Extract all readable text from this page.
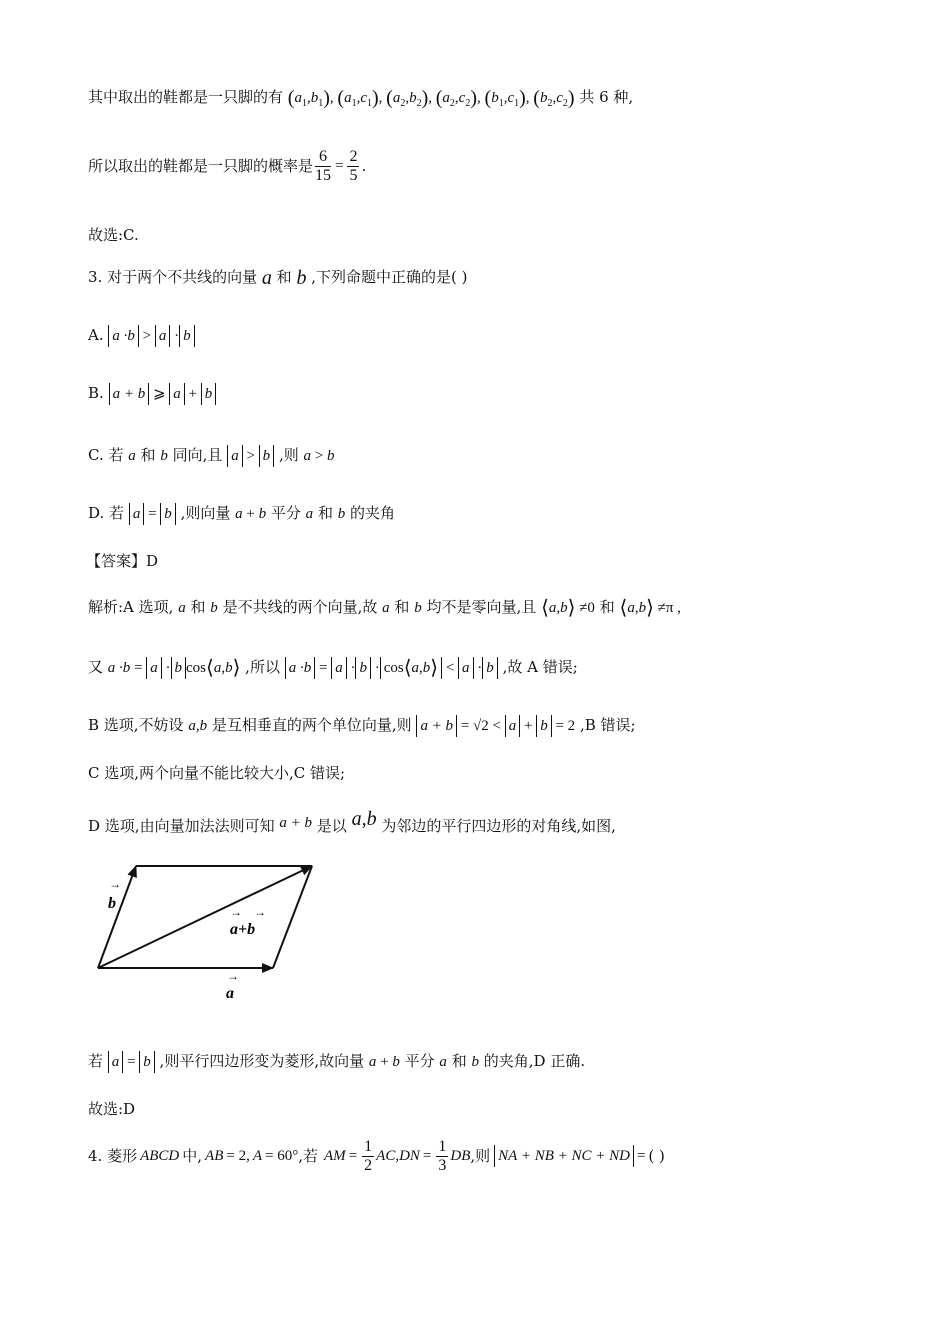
其中取出的鞋都是一只脚的有 $(a_1,b_1)$, $(a_1,c_1)$, $(a_2,b_2)$, $(a_2,c_2)$, $(b_1,c_1)$, $(b_2,c_2)$ 共 6 种,
所以取出的鞋都是一只脚的概率是 $\frac{6}{15} = \frac{2}{5}$ .
故选:C.
3. 对于两个不共线的向量 a 和 b ,下列命题中正确的是( )
A. a ·b > a · b
B. a + b ⩾ a + b
C. 若 a 和 b 同向,且 a > b ,则 a > b
D. 若 a = b ,则向量 a + b 平分 a 和 b 的夹角
【答案】D
解析:A 选项, a 和 b 是不共线的两个向量,故 a 和 b 均不是零向量,且 ⟨a,b⟩ ≠0 和 ⟨a,b⟩ ≠π ,
又 a ·b = a · b cos⟨a,b⟩ ,所以 a ·b = a · b · cos⟨a,b⟩ < a · b ,故 A 错误;
B 选项,不妨设 a,b 是互相垂直的两个单位向量,则 a + b = √2 < a + b = 2 ,B 错误;
C 选项,两个向量不能比较大小,C 错误;
D 选项,由向量加法法则可知 a + b 是以 a,b 为邻边的平行四边形的对角线,如图,
b
→
a+b
→ →
a
→
若 a = b ,则平行四边形变为菱形,故向量 a + b 平分 a 和 b 的夹角,D 正确.
故选:D
4. 菱形 ABCD 中, AB = 2, A = 60° ,若 AM = $\frac{1}{2}$ AC , DN = $\frac{1}{3}$ DB ,则 NA + NB + NC + ND = ( )
